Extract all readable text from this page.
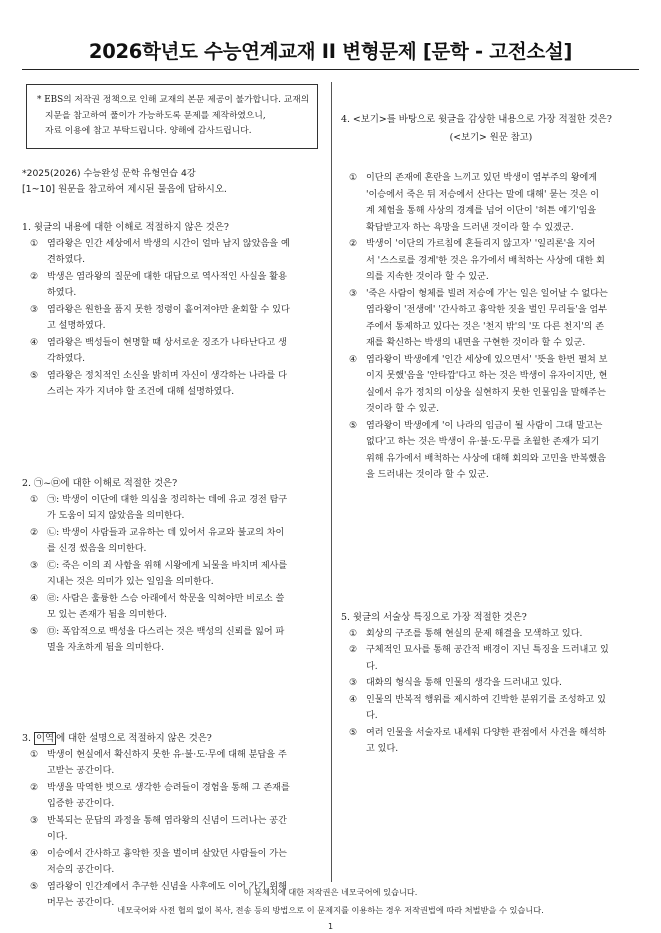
2026학년도 수능연계교재 II 변형문제 [문학 - 고전소설]

* EBS의 저작권 정책으로 인해 교재의 본문 제공이 불가합니다. 교재의

지문을 참고하여 풀이가 가능하도록 문제를 제작하였으니,

자료 이용에 참고 부탁드립니다. 양해에 감사드립니다.

*2025(2026) 수능완성 문학 유형연습 4강
[1~10] 원문을 참고하여 제시된 물음에 답하시오.
1. 윗글의 내용에 대한 이해로 적절하지 않은 것은?
① 염라왕은 인간 세상에서 박생의 시간이 얼마 남지 않았음을 예
견하였다.
② 박생은 염라왕의 질문에 대한 대답으로 역사적인 사실을 활용
하였다.
③ 염라왕은 원한을 품지 못한 정령이 흩어져야만 윤회할 수 있다
고 설명하였다.
④ 염라왕은 백성들이 현명할 때 상서로운 징조가 나타난다고 생
각하였다.
⑤ 염라왕은 정치적인 소신을 밝히며 자신이 생각하는 나라를 다
스리는 자가 지녀야 할 조건에 대해 설명하였다.
2. ㉠~㉤에 대한 이해로 적절한 것은?
① ㉠: 박생이 이단에 대한 의심을 정리하는 데에 유교 경전 탐구
가 도움이 되지 않았음을 의미한다.
② ㉡: 박생이 사람들과 교유하는 데 있어서 유교와 불교의 차이
를 신경 썼음을 의미한다.
③ ㉢: 죽은 이의 죄 사함을 위해 시왕에게 뇌물을 바치며 제사를
지내는 것은 의미가 있는 일임을 의미한다.
④ ㉣: 사람은 훌륭한 스승 아래에서 학문을 익혀야만 비로소 쓸
모 있는 존재가 됨을 의미한다.
⑤ ㉤: 폭압적으로 백성을 다스리는 것은 백성의 신뢰를 잃어 파
멸을 자초하게 됨을 의미한다.
3. 이역 에 대한 설명으로 적절하지 않은 것은?
① 박생이 현실에서 확신하지 못한 유·불·도·무에 대해 분답을 주
고받는 공간이다.
② 박생을 막역한 벗으로 생각한 승려들이 경험을 통해 그 존재를
입증한 공간이다.
③ 반복되는 문답의 과정을 통해 염라왕의 신념이 드러나는 공간
이다.
④ 이승에서 간사하고 흉악한 짓을 벌이며 살았던 사람들이 가는
저승의 공간이다.
⑤ 염라왕이 인간계에서 추구한 신념을 사후에도 이어 가기 위해
머무는 공간이다.
4. <보기>를 바탕으로 윗글을 감상한 내용으로 가장 적절한 것은?
(<보기> 원문 참고)
① 이단의 존재에 혼란을 느끼고 있던 박생이 염부주의 왕에게
'이승에서 죽은 뒤 저승에서 산다는 말에 대해' 묻는 것은 이
계 체험을 통해 사상의 경계를 넘어 이단이 '허튼 얘기'임을
확답받고자 하는 욕망을 드러낸 것이라 할 수 있겠군.
② 박생이 '이단의 가르침에 혼들리지 않고자' '일리론'을 지어
서 '스스로를 경계'한 것은 유가에서 배척하는 사상에 대한 회
의를 지속한 것이라 할 수 있군.
③ '죽은 사람이 형체를 빌려 저승에 가'는 일은 일어날 수 없다는
염라왕이 '전생에' '간사하고 흉악한 짓을 벌인 무리들'을 엄부
주에서 통제하고 있다는 것은 '천지 밖'의 '또 다른 천지'의 존
재를 확신하는 박생의 내면을 구현한 것이라 할 수 있군.
④ 염라왕이 박생에게 '인간 세상에 있으면서' '뜻을 한번 펼쳐 보
이지 못했'음을 '안타깝'다고 하는 것은 박생이 유자이지만, 현
실에서 유가 정치의 이상을 실현하지 못한 인물임을 말해주는
것이라 할 수 있군.
⑤ 염라왕이 박생에게 '이 나라의 임금이 될 사람이 그대 말고는
없다'고 하는 것은 박생이 유·불·도·무를 초월한 존재가 되기
위해 유가에서 배척하는 사상에 대해 회의와 고민을 반복했음
을 드러내는 것이라 할 수 있군.
5. 윗글의 서술상 특징으로 가장 적절한 것은?
① 회상의 구조를 통해 현실의 문제 해결을 모색하고 있다.
② 구체적인 묘사를 통해 공간적 배경이 지닌 특징을 드러내고 있
다.
③ 대화의 형식을 통해 인물의 생각을 드러내고 있다.
④ 인물의 반복적 행위를 제시하여 긴박한 분위기를 조성하고 있
다.
⑤ 여러 인물을 서술자로 내세워 다양한 관점에서 사건을 해석하
고 있다.
이 문제지에 대한 저작권은 네모국어에 있습니다.
네모국어와 사전 협의 없이 복사, 전송 등의 방법으로 이 문제지를 이용하는 경우 저작권법에 따라 처벌받을 수 있습니다.
1
